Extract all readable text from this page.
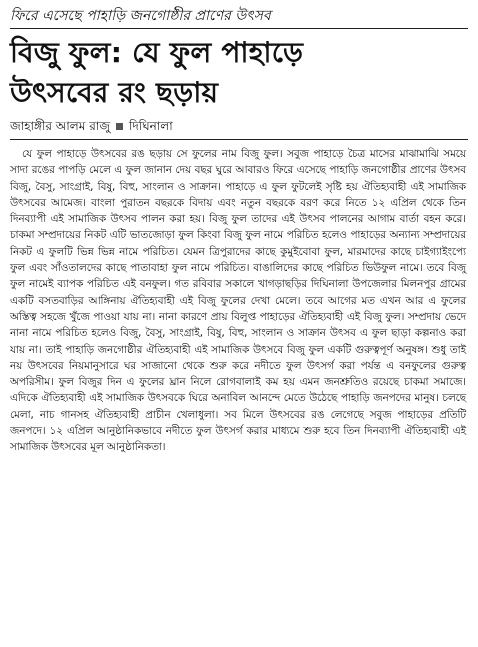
ফিরে এসেছে পাহাড়ি জনগোষ্ঠীর প্রাণের উৎসব
বিজু ফুল: যে ফুল পাহাড়ে
উৎসবের রং ছড়ায়
জাহাঙ্গীর আলম রাজু দিঘিনালা

যে ফুল পাহাড়ে উৎসবের রঙ ছড়ায় সে ফুলের নাম বিজু ফুল। সবুজ পাহাড়ে চৈত্র মাসের মাঝামাঝি সময়ে সাদা রঙের পাপড়ি মেলে এ ফুল জানান দেয় বছর ঘুরে আবারও ফিরে এসেছে পাহাড়ি জনগোষ্ঠীর প্রাণের উৎসব বিজু, বৈসু, সাংগ্রাই, বিষু, বিহু, সাংলান ও সাক্রান। পাহাড়ে এ ফুল ফুটলেই সৃষ্টি হয় ঐতিহ্যবাহী এই সামাজিক উৎসবের আমেজ। বাংলা পুরাতন বছরকে বিদায় এবং নতুন বছরকে বরণ করে নিতে ১২ এপ্রিল থেকে তিন দিনব্যাপী এই সামাজিক উৎসব পালন করা হয়। বিজু ফুল তাদের এই উৎসব পালনের আগাম বার্তা বহন করে। চাকমা সম্প্রদায়ের নিকট এটি ভাতজোড়া ফুল কিংবা বিজু ফুল নামে পরিচিত হলেও পাহাড়ের অন্যান্য সম্প্রদায়ের নিকট এ ফুলটি ভিন্ন ভিন্ন নামে পরিচিত। যেমন ত্রিপুরাদের কাছে কুমুইবোবা ফুল, মারমাদের কাছে চাইগ্যাইংপ্যে ফুল এবং সাঁওতালদের কাছে পাতাবাহা ফুল নামে পরিচিত। বাঙালিদের কাছে পরিচিত ভিউফুল নামে। তবে বিজু ফুল নামেই ব্যাপক পরিচিত এই বনফুল। গত রবিবার সকালে খাগড়াছড়ির দিঘিনালা উপজেলার মিলনপুর গ্রামের একটি বসতবাড়ির আঙ্গিনায় ঐতিহ্যবাহী এই বিজু ফুলের দেখা মেলে। তবে আগের মত এখন আর এ ফুলের অস্তিত্ব সহজে খুঁজে পাওয়া যায় না। নানা কারণে প্রায় বিলুপ্ত পাহাড়ের ঐতিহ্যবাহী এই বিজু ফুল। সম্প্রদায় ভেদে নানা নামে পরিচিত হলেও বিজু, বৈসু, সাংগ্রাই, বিষু, বিহু, সাংলান ও সাক্রান উৎসব এ ফুল ছাড়া কল্পনাও করা যায় না। তাই পাহাড়ি জনগোষ্ঠীর ঐতিহ্যবাহী এই সামাজিক উৎসবে বিজু ফুল একটি গুরুত্বপূর্ণ অনুষঙ্গ। শুধু তাই নয় উৎসবের নিয়মানুসারে ঘর সাজানো থেকে শুরু করে নদীতে ফুল উৎসর্গ করা পর্যন্ত এ বনফুলের গুরুত্ব অপরিসীম। ফুল বিজুর দিন এ ফুলের ঘ্রান নিলে রোগবালাই কম হয় এমন জনশ্রুতিও রয়েছে চাকমা সমাজে। এদিকে ঐতিহ্যবাহী এই সামাজিক উৎসবকে ঘিরে অনাবিল আনন্দে মেতে উঠেছে পাহাড়ি জনপদের মানুষ। চলছে মেলা, নাচ গানসহ ঐতিহ্যবাহী প্রাচীন খেলাধুলা। সব মিলে উৎসবের রঙ লেগেছে সবুজ পাহাড়ের প্রতিটি জনপদে। ১২ এপ্রিল আনুষ্ঠানিকভাবে নদীতে ফুল উৎসর্গ করার মাধ্যমে শুরু হবে তিন দিনব্যাপী ঐতিহ্যবাহী এই সামাজিক উৎসবের মূল আনুষ্ঠানিকতা।
